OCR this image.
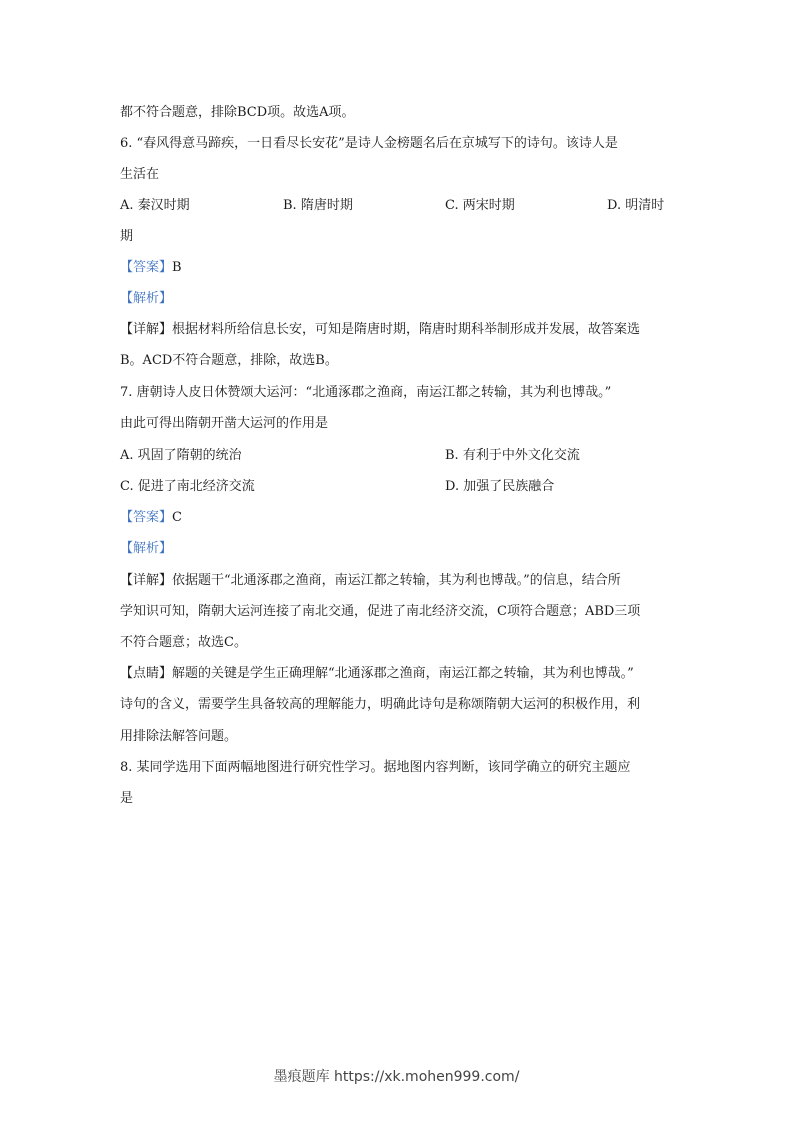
都不符合题意，排除BCD项。故选A项。
6. “春风得意马蹄疾，一日看尽长安花”是诗人金榜题名后在京城写下的诗句。该诗人是
生活在
A. 秦汉时期	B. 隋唐时期	C. 两宋时期	D. 明清时
期
【答案】B
【解析】
【详解】根据材料所给信息长安，可知是隋唐时期，隋唐时期科举制形成并发展，故答案选
B。ACD不符合题意，排除，故选B。
7. 唐朝诗人皮日休赞颂大运河：“北通涿郡之渔商，南运江都之转输，其为利也博哉。”
由此可得出隋朝开凿大运河的作用是
A. 巩固了隋朝的统治	B. 有利于中外文化交流
C. 促进了南北经济交流	D. 加强了民族融合
【答案】C
【解析】
【详解】依据题干“北通涿郡之渔商，南运江都之转输，其为利也博哉。”的信息，结合所
学知识可知，隋朝大运河连接了南北交通，促进了南北经济交流，C项符合题意；ABD三项
不符合题意；故选C。
【点睛】解题的关键是学生正确理解“北通涿郡之渔商，南运江都之转输，其为利也博哉。”
诗句的含义，需要学生具备较高的理解能力，明确此诗句是称颂隋朝大运河的积极作用，利
用排除法解答问题。
8. 某同学选用下面两幅地图进行研究性学习。据地图内容判断，该同学确立的研究主题应
是
墨痕题库 https://xk.mohen999.com/
